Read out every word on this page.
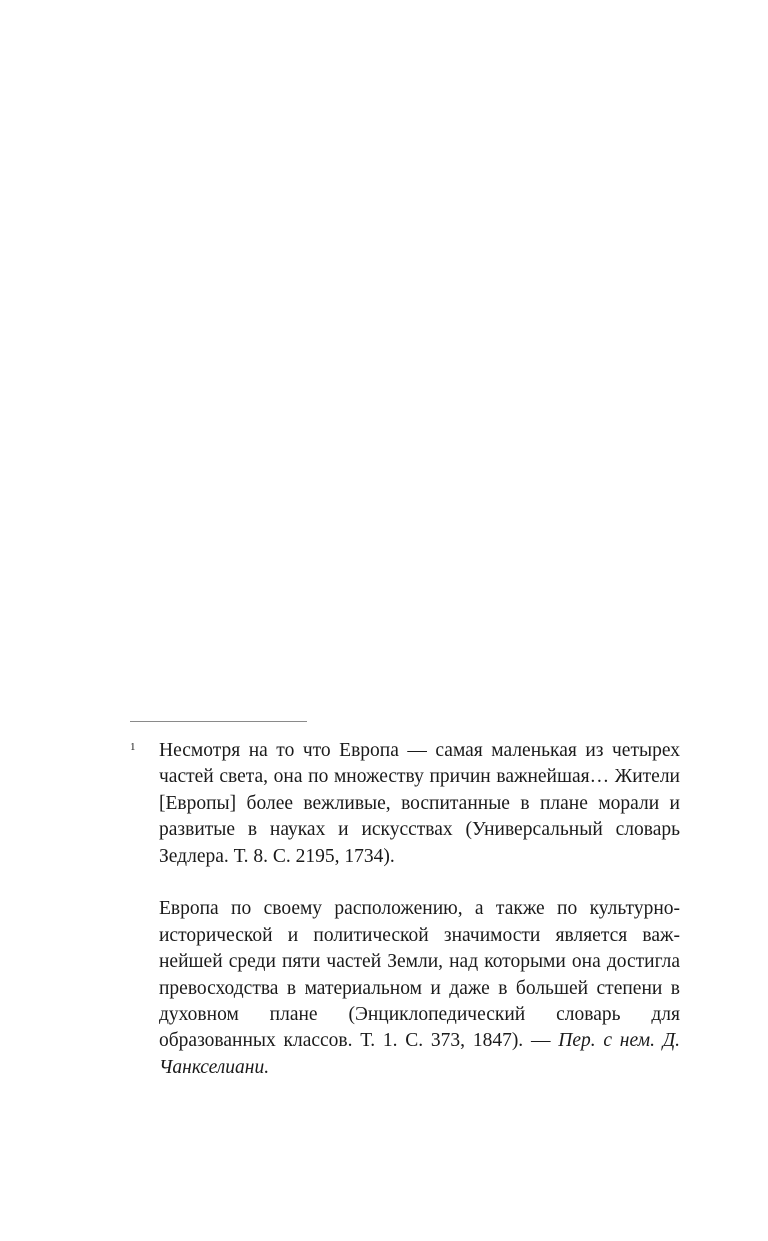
1 Несмотря на то что Европа — самая маленькая из четырех частей света, она по множеству причин важнейшая… Жители [Европы] более вежливые, воспитанные в плане морали и развитые в науках и искусствах (Универсальный словарь Зедлера. Т. 8. С. 2195, 1734).

Европа по своему расположению, а также по культурно-исторической и политической значимости является важнейшей среди пяти частей Земли, над которыми она достигла превосходства в материальном и даже в большей степени в духовном плане (Энциклопедический словарь для образованных классов. Т. 1. С. 373, 1847). — Пер. с нем. Д. Чанкселиани.
